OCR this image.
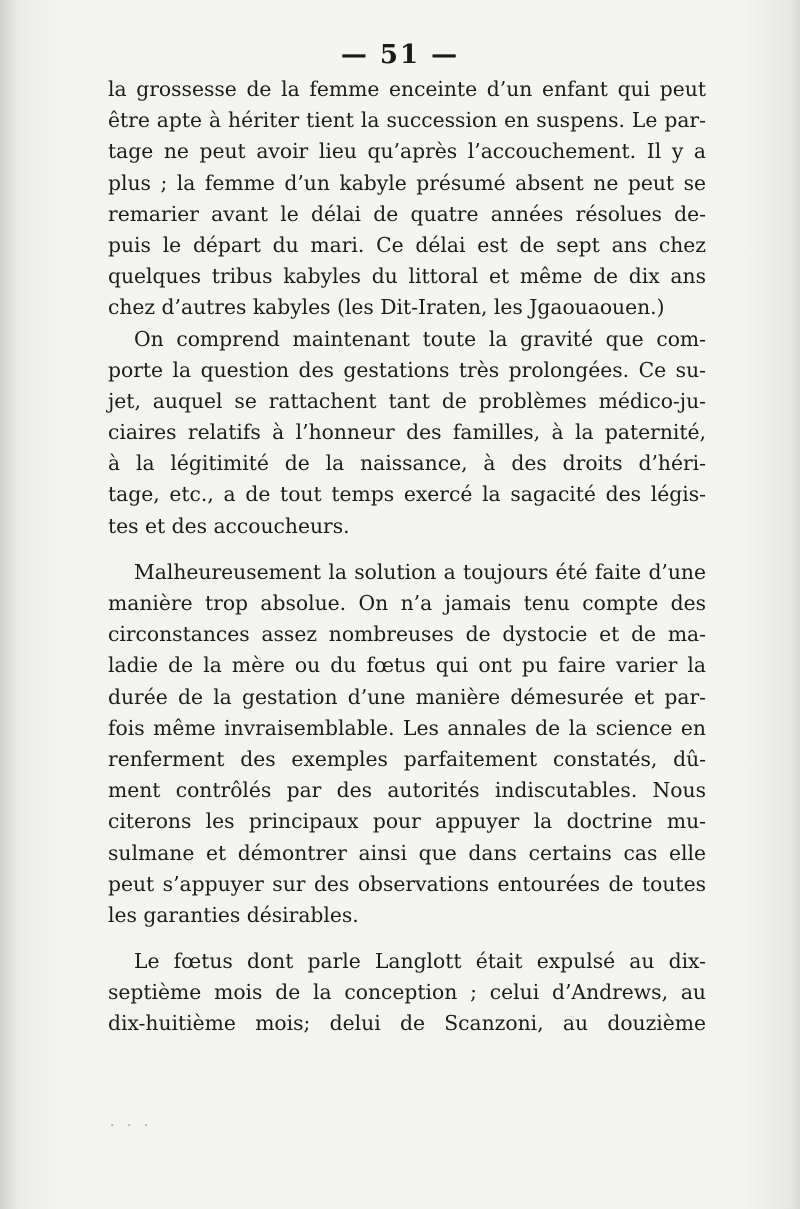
— 51 —
la grossesse de la femme enceinte d’un enfant qui peut
être apte à hériter tient la succession en suspens. Le par-
tage ne peut avoir lieu qu’après l’accouchement. Il y a
plus ; la femme d’un kabyle présumé absent ne peut se
remarier avant le délai de quatre années résolues de-
puis le départ du mari. Ce délai est de sept ans chez
quelques tribus kabyles du littoral et même de dix ans
chez d’autres kabyles (les Dit-Iraten, les Jgaouaouen.)
On comprend maintenant toute la gravité que com-
porte la question des gestations très prolongées. Ce su-
jet, auquel se rattachent tant de problèmes médico-ju-
ciaires relatifs à l’honneur des familles, à la paternité,
à la légitimité de la naissance, à des droits d’héri-
tage, etc., a de tout temps exercé la sagacité des légis-
tes et des accoucheurs.
Malheureusement la solution a toujours été faite d’une
manière trop absolue. On n’a jamais tenu compte des
circonstances assez nombreuses de dystocie et de ma-
ladie de la mère ou du fœtus qui ont pu faire varier la
durée de la gestation d’une manière démesurée et par-
fois même invraisemblable. Les annales de la science en
renferment des exemples parfaitement constatés, dû-
ment contrôlés par des autorités indiscutables. Nous
citerons les principaux pour appuyer la doctrine mu-
sulmane et démontrer ainsi que dans certains cas elle
peut s’appuyer sur des observations entourées de toutes
les garanties désirables.
Le fœtus dont parle Langlott était expulsé au dix-
septième mois de la conception ; celui d’Andrews, au
dix-huitième mois; delui de Scanzoni, au douzième
· · ·
